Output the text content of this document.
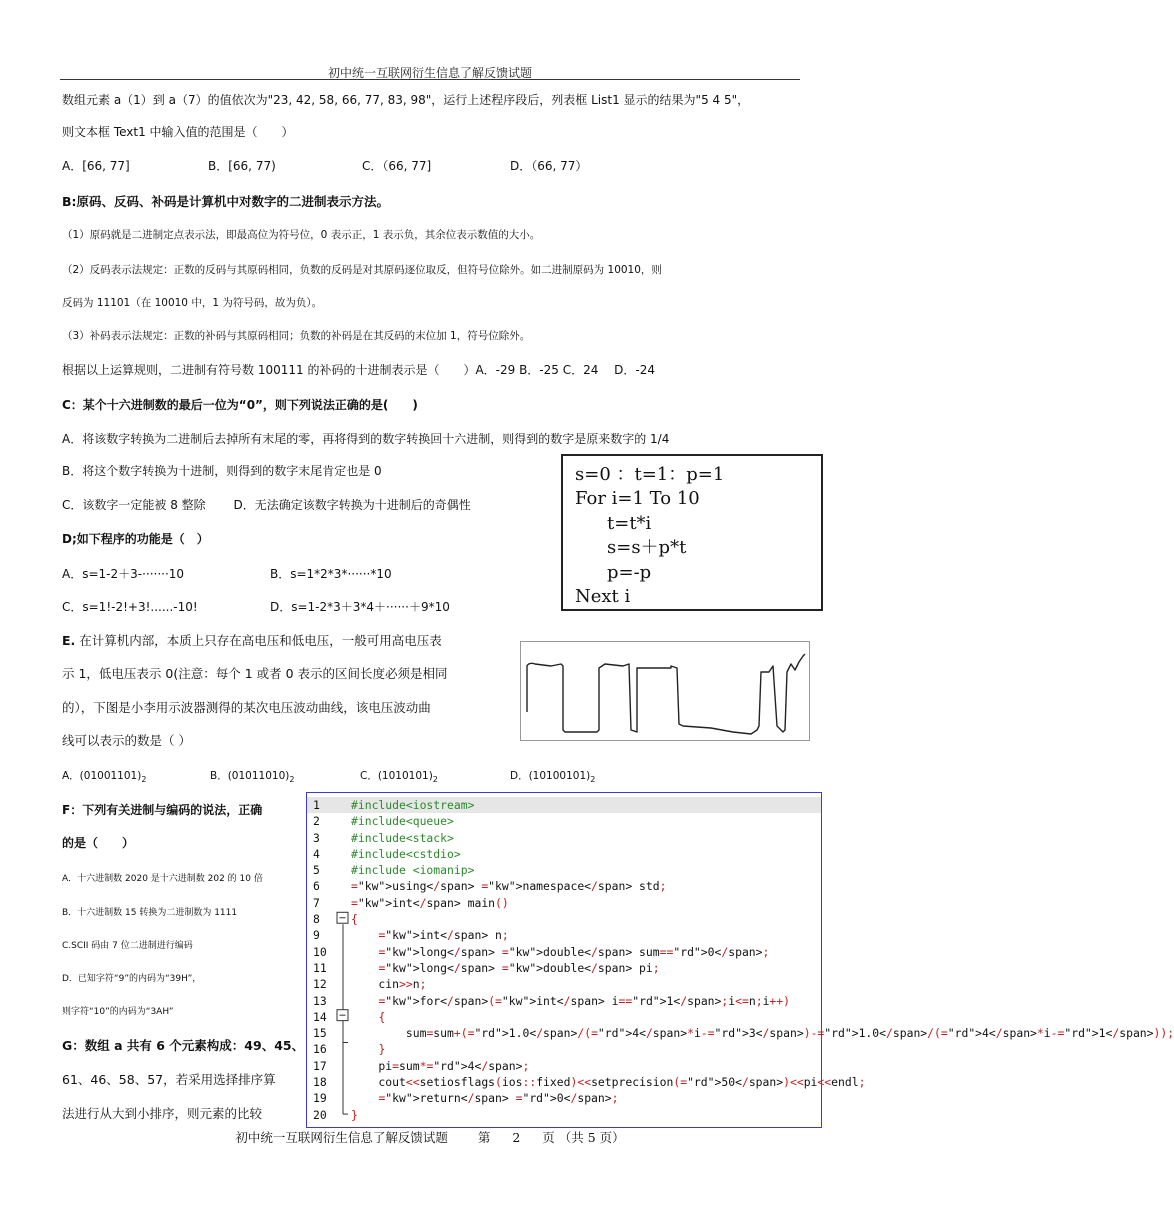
初中统一互联网衍生信息了解反馈试题
数组元素 a（1）到 a（7）的值依次为"23, 42, 58, 66, 77, 83, 98"，运行上述程序段后，列表框 List1 显示的结果为"5 4 5"，
则文本框 Text1 中输入值的范围是（　　）
A．[66, 77]	B．[66, 77)	C．（66, 77]	D．（66, 77）
B:原码、反码、补码是计算机中对数字的二进制表示方法。
（1）原码就是二进制定点表示法，即最高位为符号位，0 表示正，1 表示负，其余位表示数值的大小。
（2）反码表示法规定：正数的反码与其原码相同，负数的反码是对其原码逐位取反，但符号位除外。如二进制原码为 10010，则
反码为 11101（在 10010 中，1 为符号码，故为负）。
（3）补码表示法规定：正数的补码与其原码相同；负数的补码是在其反码的末位加 1，符号位除外。
根据以上运算规则，二进制有符号数 100111 的补码的十进制表示是（　　）A．-29 B．-25 C．24　 D．-24
C：某个十六进制数的最后一位为“0”，则下列说法正确的是(　　)
A．将该数字转换为二进制后去掉所有末尾的零，再将得到的数字转换回十六进制，则得到的数字是原来数字的 1/4
B．将这个数字转换为十进制，则得到的数字末尾肯定也是 0
C．该数字一定能被 8 整除　　 D．无法确定该数字转换为十进制后的奇偶性
s=0 ：t=1：p=1
For i=1 To 10
t=t*i
s=s＋p*t
p=-p
Next i
D;如下程序的功能是（　）
A．s=1-2＋3-·······10	B．s=1*2*3*······*10
C．s=1!-2!+3!......-10!	D．s=1-2*3＋3*4＋······＋9*10
E. 在计算机内部，本质上只存在高电压和低电压，一般可用高电压表
示 1，低电压表示 0(注意：每个 1 或者 0 表示的区间长度必须是相同
的），下图是小李用示波器测得的某次电压波动曲线，该电压波动曲
线可以表示的数是（ ）
A．$(01001101)_2$	B．$(01011010)_2$	C．$(1010101)_2$	D．$(10100101)_2$
F：下列有关进制与编码的说法，正确
的是（　　）
A．十六进制数 2020 是十六进制数 202 的 10 倍
B．十六进制数 15 转换为二进制数为 1111
C.SCII 码由 7 位二进制进行编码
D．已知字符“9”的内码为“39H”，
则字符“10”的内码为“3AH”
G：数组 a 共有 6 个元素构成：49、45、
61、46、58、57，若采用选择排序算
法进行从大到小排序，则元素的比较
1	#include<iostream>
2	#include<queue>
3	#include<stack>
4	#include<cstdio>
5	#include <iomanip>
6	="kw">using</span> ="kw">namespace</span> std;
7	="kw">int</span> main()
8	{
9	="kw">int</span> n;
10	="kw">long</span> ="kw">double</span> sum=="rd">0</span>;
11	="kw">long</span> ="kw">double</span> pi;
12	cin>>n;
13	="kw">for</span>(="kw">int</span> i=="rd">1</span>;i<=n;i++)
14	{
15	sum=sum+(="rd">1.0</span>/(="rd">4</span>*i-="rd">3</span>)-="rd">1.0</span>/(="rd">4</span>*i-="rd">1</span>));
16	}
17	pi=sum*="rd">4</span>;
18	cout<<setiosflags(ios::fixed)<<setprecision(="rd">50</span>)<<pi<<endl;
19	="kw">return</span> ="rd">0</span>;
20	}
初中统一互联网衍生信息了解反馈试题 第 2 页 （共 5 页）
